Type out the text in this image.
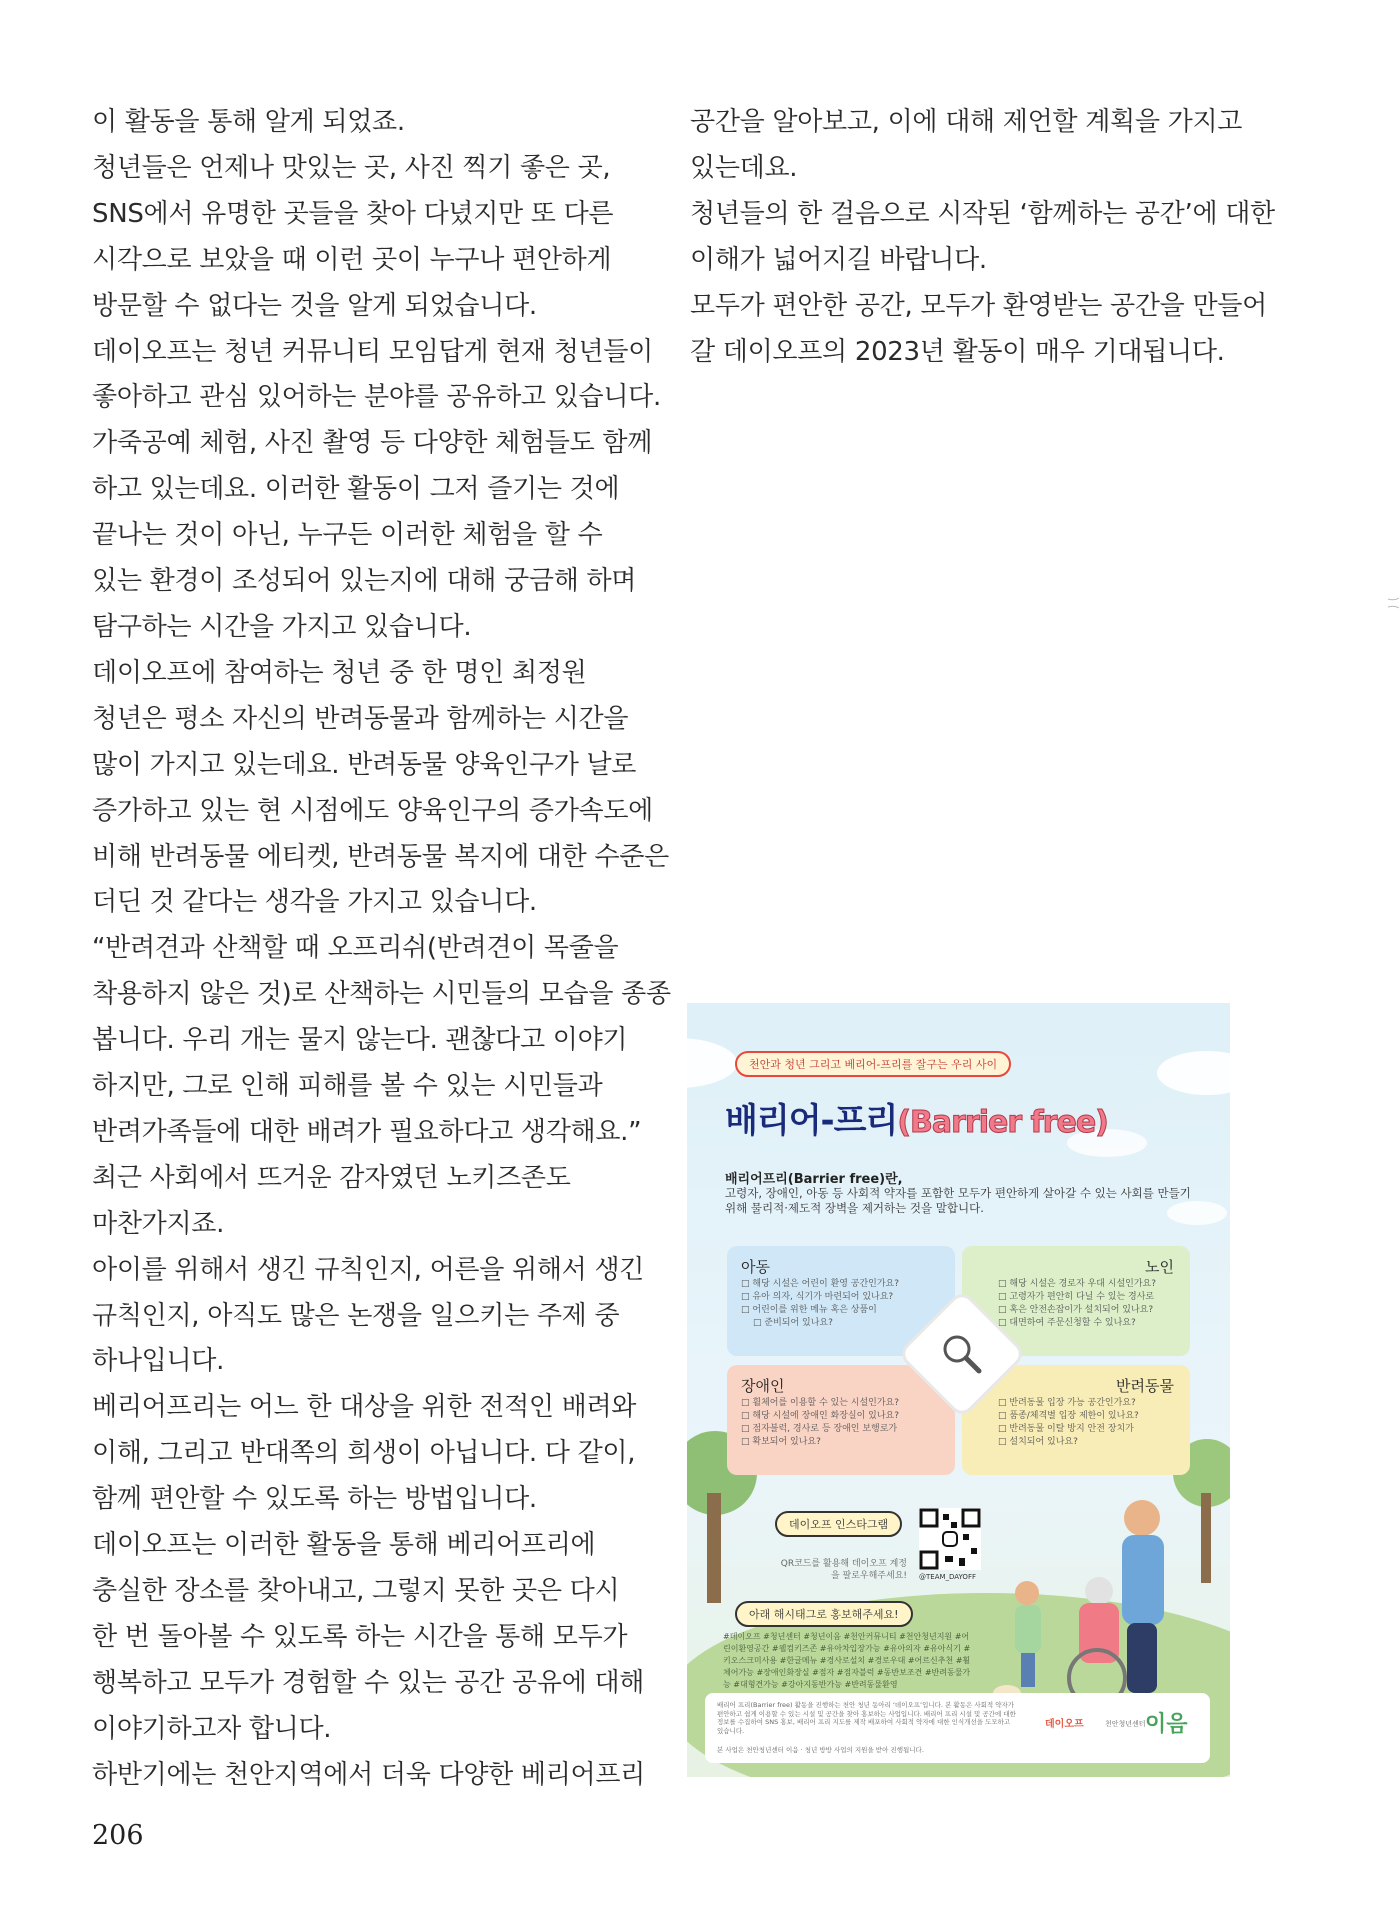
이 활동을 통해 알게 되었죠.

청년들은 언제나 맛있는 곳, 사진 찍기 좋은 곳,

SNS에서 유명한 곳들을 찾아 다녔지만 또 다른

시각으로 보았을 때 이런 곳이 누구나 편안하게

방문할 수 없다는 것을 알게 되었습니다.

데이오프는 청년 커뮤니티 모임답게 현재 청년들이

좋아하고 관심 있어하는 분야를 공유하고 있습니다.

가죽공예 체험, 사진 촬영 등 다양한 체험들도 함께

하고 있는데요. 이러한 활동이 그저 즐기는 것에

끝나는 것이 아닌, 누구든 이러한 체험을 할 수

있는 환경이 조성되어 있는지에 대해 궁금해 하며

탐구하는 시간을 가지고 있습니다.

데이오프에 참여하는 청년 중 한 명인 최정원

청년은 평소 자신의 반려동물과 함께하는 시간을

많이 가지고 있는데요. 반려동물 양육인구가 날로

증가하고 있는 현 시점에도 양육인구의 증가속도에

비해 반려동물 에티켓, 반려동물 복지에 대한 수준은

더딘 것 같다는 생각을 가지고 있습니다.

“반려견과 산책할 때 오프리쉬(반려견이 목줄을

착용하지 않은 것)로 산책하는 시민들의 모습을 종종

봅니다. 우리 개는 물지 않는다. 괜찮다고 이야기

하지만, 그로 인해 피해를 볼 수 있는 시민들과

반려가족들에 대한 배려가 필요하다고 생각해요.”

최근 사회에서 뜨거운 감자였던 노키즈존도

마찬가지죠.

아이를 위해서 생긴 규칙인지, 어른을 위해서 생긴

규칙인지, 아직도 많은 논쟁을 일으키는 주제 중

하나입니다.

베리어프리는 어느 한 대상을 위한 전적인 배려와

이해, 그리고 반대쪽의 희생이 아닙니다. 다 같이,

함께 편안할 수 있도록 하는 방법입니다.

데이오프는 이러한 활동을 통해 베리어프리에

충실한 장소를 찾아내고, 그렇지 못한 곳은 다시

한 번 돌아볼 수 있도록 하는 시간을 통해 모두가

행복하고 모두가 경험할 수 있는 공간 공유에 대해

이야기하고자 합니다.

하반기에는 천안지역에서 더욱 다양한 베리어프리

공간을 알아보고, 이에 대해 제언할 계획을 가지고

있는데요.

청년들의 한 걸음으로 시작된 ‘함께하는 공간’에 대한

이해가 넓어지길 바랍니다.

모두가 편안한 공간, 모두가 환영받는 공간을 만들어

갈 데이오프의 2023년 활동이 매우 기대됩니다.

천안과 청년 그리고 베리어-프리를 잘구는 우리 사이
배리어-프리(Barrier free)
배리어프리(Barrier free)란,
고령자, 장애인, 아동 등 사회적 약자를 포함한 모두가 편안하게 살아갈 수 있는 사회를 만들기 위해 물리적·제도적 장벽을 제거하는 것을 말합니다.
아동
□ 해당 시설은 어린이 환영 공간인가요?
□ 유아 의자, 식기가 마련되어 있나요?
□ 어린이를 위한 메뉴 혹은 상품이
□ 준비되어 있나요?
노인
□ 해당 시설은 경로자 우대 시설인가요?
□ 고령자가 편안히 다닐 수 있는 경사로
□ 혹은 안전손잡이가 설치되어 있나요?
□ 대면하여 주문신청할 수 있나요?
장애인
□ 휠체어를 이용할 수 있는 시설인가요?
□ 해당 시설에 장애인 화장실이 있나요?
□ 점자블럭, 경사로 등 장애인 보행로가
□ 확보되어 있나요?
반려동물
□ 반려동물 입장 가능 공간인가요?
□ 품종/체격별 입장 제한이 있나요?
□ 반려동물 이탈 방지 안전 장치가
□ 설치되어 있나요?
데이오프 인스타그램
@TEAM_DAYOFF
QR코드를 활용해 데이오프 계정을 팔로우해주세요!
아래 해시태그로 홍보해주세요!
#데이오프 #청년센터 #청년이음 #천안커뮤니티 #천안청년지원 #어린이환영공간 #웰컴키즈존 #유아차입장가능 #유아의자 #유아식기 #키오스크미사용 #한글메뉴 #경사로설치 #경로우대 #어르신추천 #휠체어가능 #장애인화장실 #점자 #점자블럭 #동반보조견 #반려동물가능 #대형견가능 #강아지동반가능 #반려동물환영
배리어 프리(Barrier free) 활동을 진행하는 천안 청년 동아리 ‘데이오프’입니다. 본 활동은 사회적 약자가 편안하고 쉽게 이용할 수 있는 시설 및 공간을 찾아 홍보하는 사업입니다. 배리어 프리 시설 및 공간에 대한 정보를 수집하여 SNS 홍보, 배리어 프리 지도를 제작 배포하여 사회적 약자에 대한 인식개선을 도모하고 있습니다.
본 사업은 천안청년센터 이음 · 청년 방방 사업의 지원을 받아 진행됩니다.
데이오프	천안청년센터 이음
206
